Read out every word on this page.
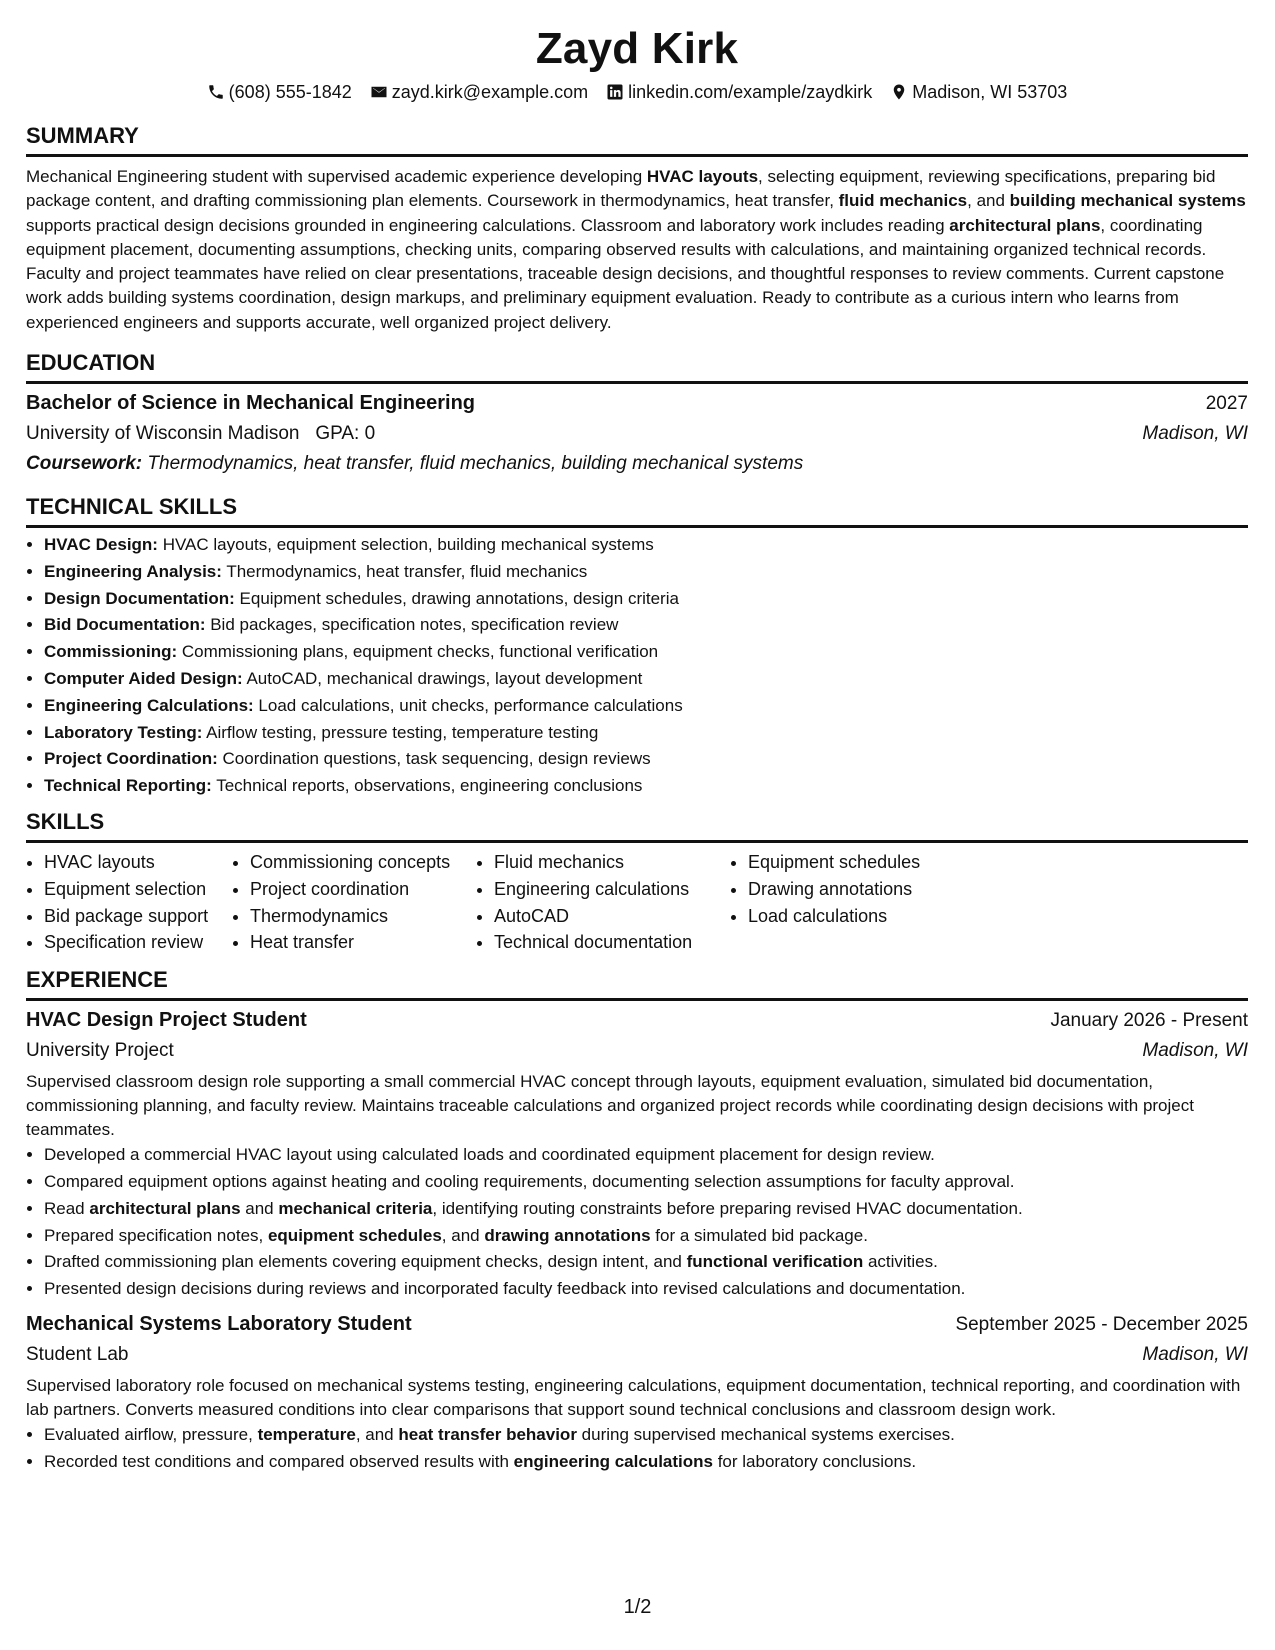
Zayd Kirk
(608) 555-1842 zayd.kirk@example.com linkedin.com/example/zaydkirk Madison, WI 53703
SUMMARY

Mechanical Engineering student with supervised academic experience developing HVAC layouts, selecting equipment, reviewing specifications, preparing bid package content, and drafting commissioning plan elements. Coursework in thermodynamics, heat transfer, fluid mechanics, and building mechanical systems supports practical design decisions grounded in engineering calculations. Classroom and laboratory work includes reading architectural plans, coordinating equipment placement, documenting assumptions, checking units, comparing observed results with calculations, and maintaining organized technical records. Faculty and project teammates have relied on clear presentations, traceable design decisions, and thoughtful responses to review comments. Current capstone work adds building systems coordination, design markups, and preliminary equipment evaluation. Ready to contribute as a curious intern who learns from experienced engineers and supports accurate, well organized project delivery.

EDUCATION
Bachelor of Science in Mechanical Engineering	2027
University of Wisconsin Madison GPA: 0	Madison, WI
Coursework: Thermodynamics, heat transfer, fluid mechanics, building mechanical systems
TECHNICAL SKILLS
• HVAC Design: HVAC layouts, equipment selection, building mechanical systems
• Engineering Analysis: Thermodynamics, heat transfer, fluid mechanics
• Design Documentation: Equipment schedules, drawing annotations, design criteria
• Bid Documentation: Bid packages, specification notes, specification review
• Commissioning: Commissioning plans, equipment checks, functional verification
• Computer Aided Design: AutoCAD, mechanical drawings, layout development
• Engineering Calculations: Load calculations, unit checks, performance calculations
• Laboratory Testing: Airflow testing, pressure testing, temperature testing
• Project Coordination: Coordination questions, task sequencing, design reviews
• Technical Reporting: Technical reports, observations, engineering conclusions
SKILLS
• HVAC layouts
• Equipment selection
• Bid package support
• Specification review
• Commissioning concepts
• Project coordination
• Thermodynamics
• Heat transfer
• Fluid mechanics
• Engineering calculations
• AutoCAD
• Technical documentation
• Equipment schedules
• Drawing annotations
• Load calculations
EXPERIENCE
HVAC Design Project Student	January 2026 - Present
University Project	Madison, WI

Supervised classroom design role supporting a small commercial HVAC concept through layouts, equipment evaluation, simulated bid documentation, commissioning planning, and faculty review. Maintains traceable calculations and organized project records while coordinating design decisions with project teammates.

• Developed a commercial HVAC layout using calculated loads and coordinated equipment placement for design review.
• Compared equipment options against heating and cooling requirements, documenting selection assumptions for faculty approval.
• Read architectural plans and mechanical criteria, identifying routing constraints before preparing revised HVAC documentation.
• Prepared specification notes, equipment schedules, and drawing annotations for a simulated bid package.
• Drafted commissioning plan elements covering equipment checks, design intent, and functional verification activities.
• Presented design decisions during reviews and incorporated faculty feedback into revised calculations and documentation.
Mechanical Systems Laboratory Student	September 2025 - December 2025
Student Lab	Madison, WI

Supervised laboratory role focused on mechanical systems testing, engineering calculations, equipment documentation, technical reporting, and coordination with lab partners. Converts measured conditions into clear comparisons that support sound technical conclusions and classroom design work.

• Evaluated airflow, pressure, temperature, and heat transfer behavior during supervised mechanical systems exercises.
• Recorded test conditions and compared observed results with engineering calculations for laboratory conclusions.
1/2
